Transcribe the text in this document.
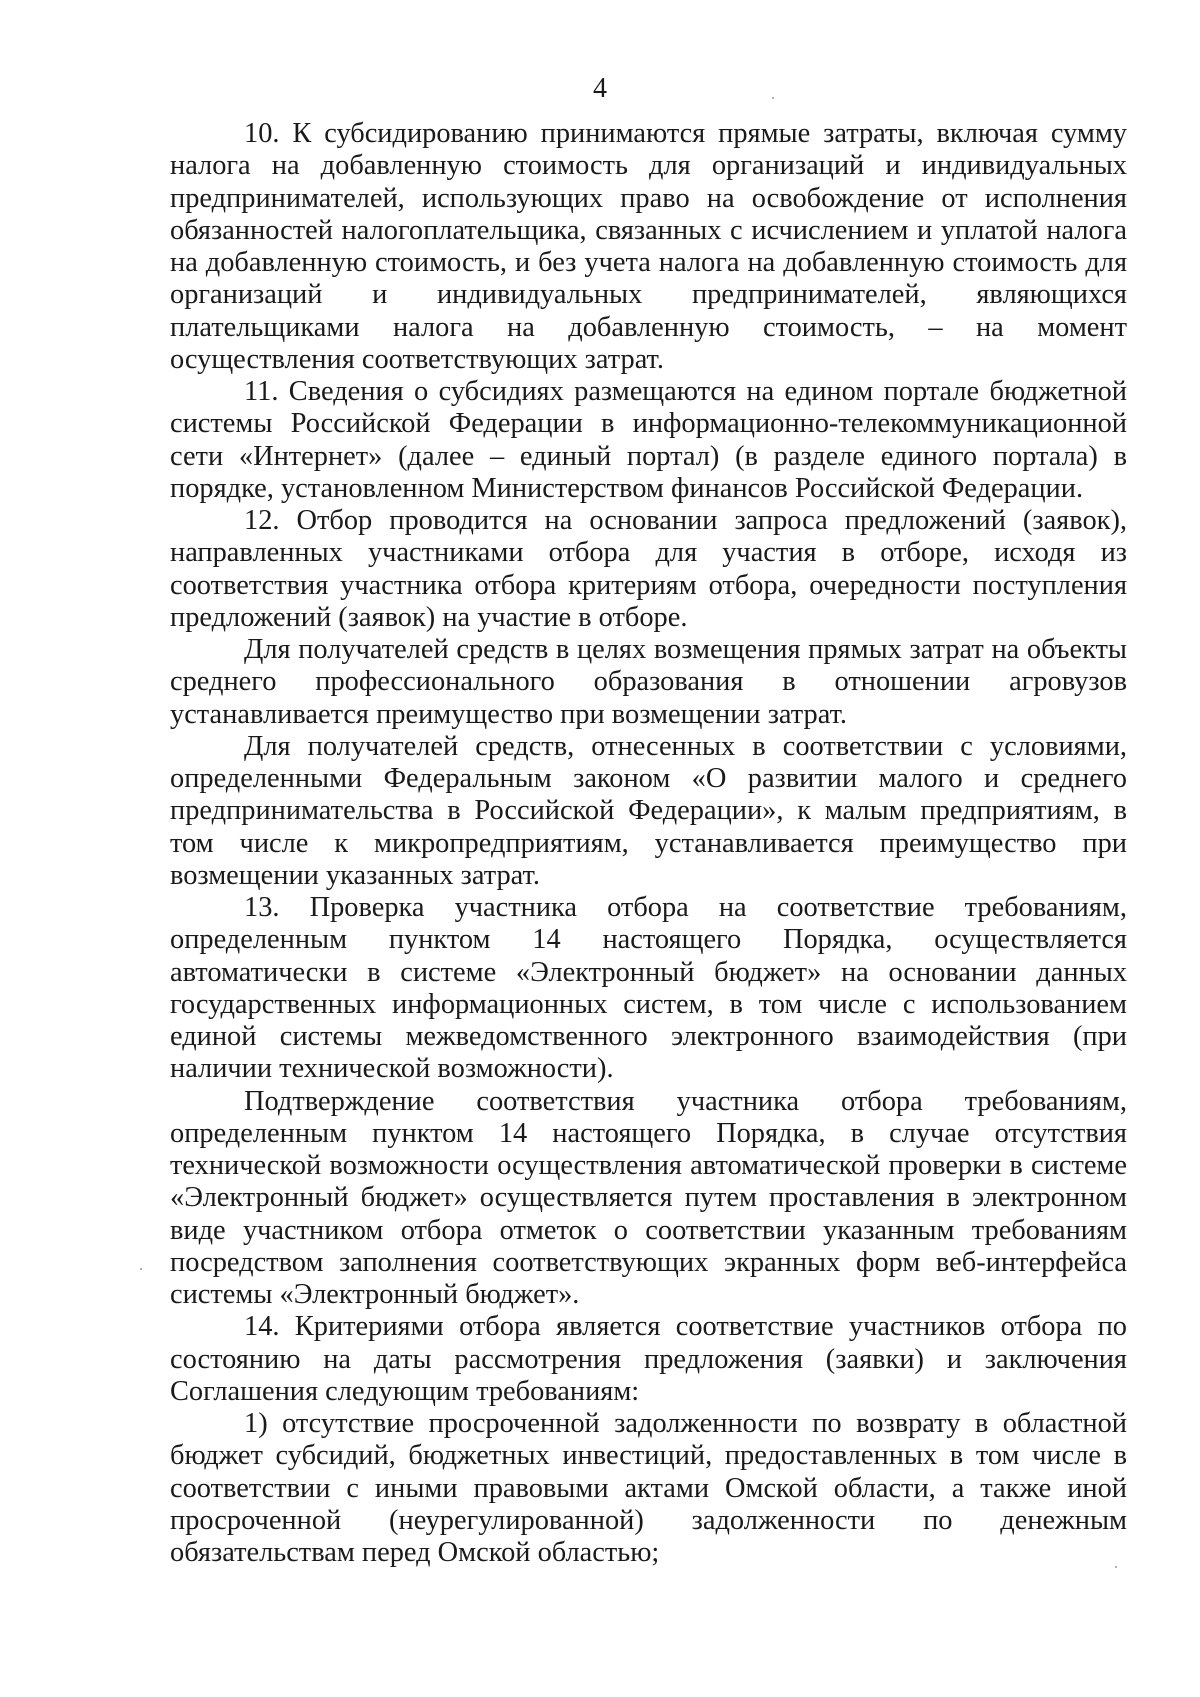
4

10. К субсидированию принимаются прямые затраты, включая сумму налога на добавленную стоимость для организаций и индивидуальных предпринимателей, использующих право на освобождение от исполнения обязанностей налогоплательщика, связанных с исчислением и уплатой налога на добавленную стоимость, и без учета налога на добавленную стоимость для организаций и индивидуальных предпринимателей, являющихся плательщиками налога на добавленную стоимость, – на момент осуществления соответствующих затрат.

11. Сведения о субсидиях размещаются на едином портале бюджетной системы Российской Федерации в информационно-телекоммуникационной сети «Интернет» (далее – единый портал) (в разделе единого портала) в порядке, установленном Министерством финансов Российской Федерации.

12. Отбор проводится на основании запроса предложений (заявок), направленных участниками отбора для участия в отборе, исходя из соответствия участника отбора критериям отбора, очередности поступления предложений (заявок) на участие в отборе.

Для получателей средств в целях возмещения прямых затрат на объекты среднего профессионального образования в отношении агровузов устанавливается преимущество при возмещении затрат.

Для получателей средств, отнесенных в соответствии с условиями, определенными Федеральным законом «О развитии малого и среднего предпринимательства в Российской Федерации», к малым предприятиям, в том числе к микропредприятиям, устанавливается преимущество при возмещении указанных затрат.

13. Проверка участника отбора на соответствие требованиям, определенным пунктом 14 настоящего Порядка, осуществляется автоматически в системе «Электронный бюджет» на основании данных государственных информационных систем, в том числе с использованием единой системы межведомственного электронного взаимодействия (при наличии технической возможности).

Подтверждение соответствия участника отбора требованиям, определенным пунктом 14 настоящего Порядка, в случае отсутствия технической возможности осуществления автоматической проверки в системе «Электронный бюджет» осуществляется путем проставления в электронном виде участником отбора отметок о соответствии указанным требованиям посредством заполнения соответствующих экранных форм веб-интерфейса системы «Электронный бюджет».

14. Критериями отбора является соответствие участников отбора по состоянию на даты рассмотрения предложения (заявки) и заключения Соглашения следующим требованиям:

1) отсутствие просроченной задолженности по возврату в областной бюджет субсидий, бюджетных инвестиций, предоставленных в том числе в соответствии с иными правовыми актами Омской области, а также иной просроченной (неурегулированной) задолженности по денежным обязательствам перед Омской областью;
